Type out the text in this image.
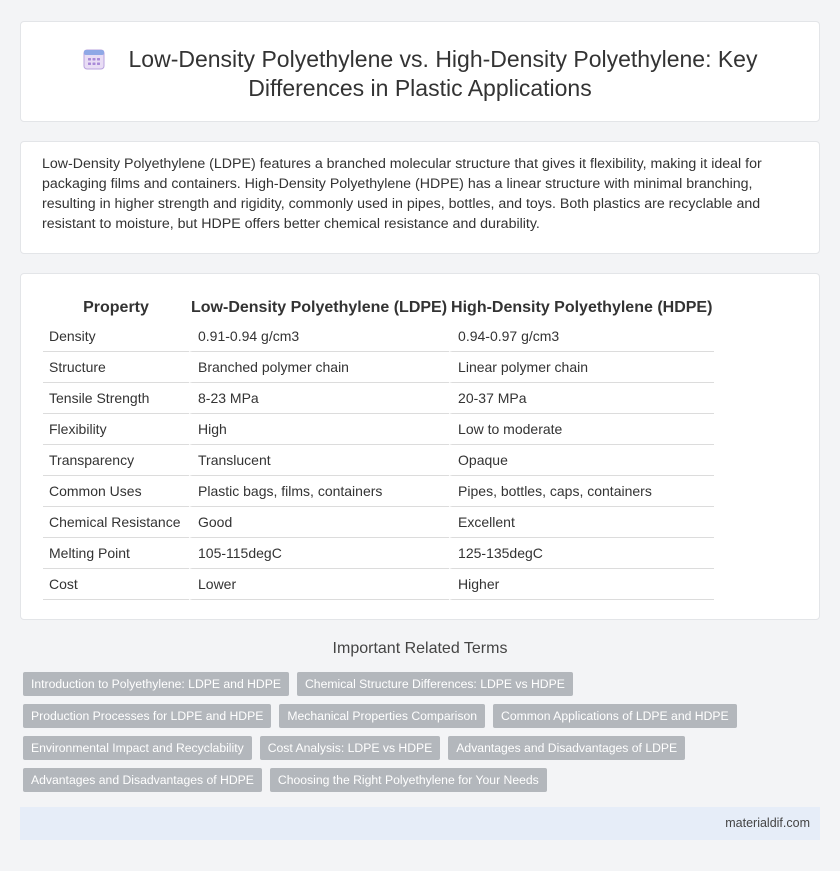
Low-Density Polyethylene vs. High-Density Polyethylene: Key
Differences in Plastic Applications
Low-Density Polyethylene (LDPE) features a branched molecular structure that gives it flexibility, making it ideal for packaging films and containers. High-Density Polyethylene (HDPE) has a linear structure with minimal branching, resulting in higher strength and rigidity, commonly used in pipes, bottles, and toys. Both plastics are recyclable and resistant to moisture, but HDPE offers better chemical resistance and durability.
Property	Low-Density Polyethylene (LDPE)	High-Density Polyethylene (HDPE)
Density	0.91-0.94 g/cm3	0.94-0.97 g/cm3
Structure	Branched polymer chain	Linear polymer chain
Tensile Strength	8-23 MPa	20-37 MPa
Flexibility	High	Low to moderate
Transparency	Translucent	Opaque
Common Uses	Plastic bags, films, containers	Pipes, bottles, caps, containers
Chemical Resistance	Good	Excellent
Melting Point	105-115degC	125-135degC
Cost	Lower	Higher
Important Related Terms
Introduction to Polyethylene: LDPE and HDPE	Chemical Structure Differences: LDPE vs HDPE
Production Processes for LDPE and HDPE	Mechanical Properties Comparison	Common Applications of LDPE and HDPE
Environmental Impact and Recyclability	Cost Analysis: LDPE vs HDPE	Advantages and Disadvantages of LDPE
Advantages and Disadvantages of HDPE	Choosing the Right Polyethylene for Your Needs
materialdif.com
